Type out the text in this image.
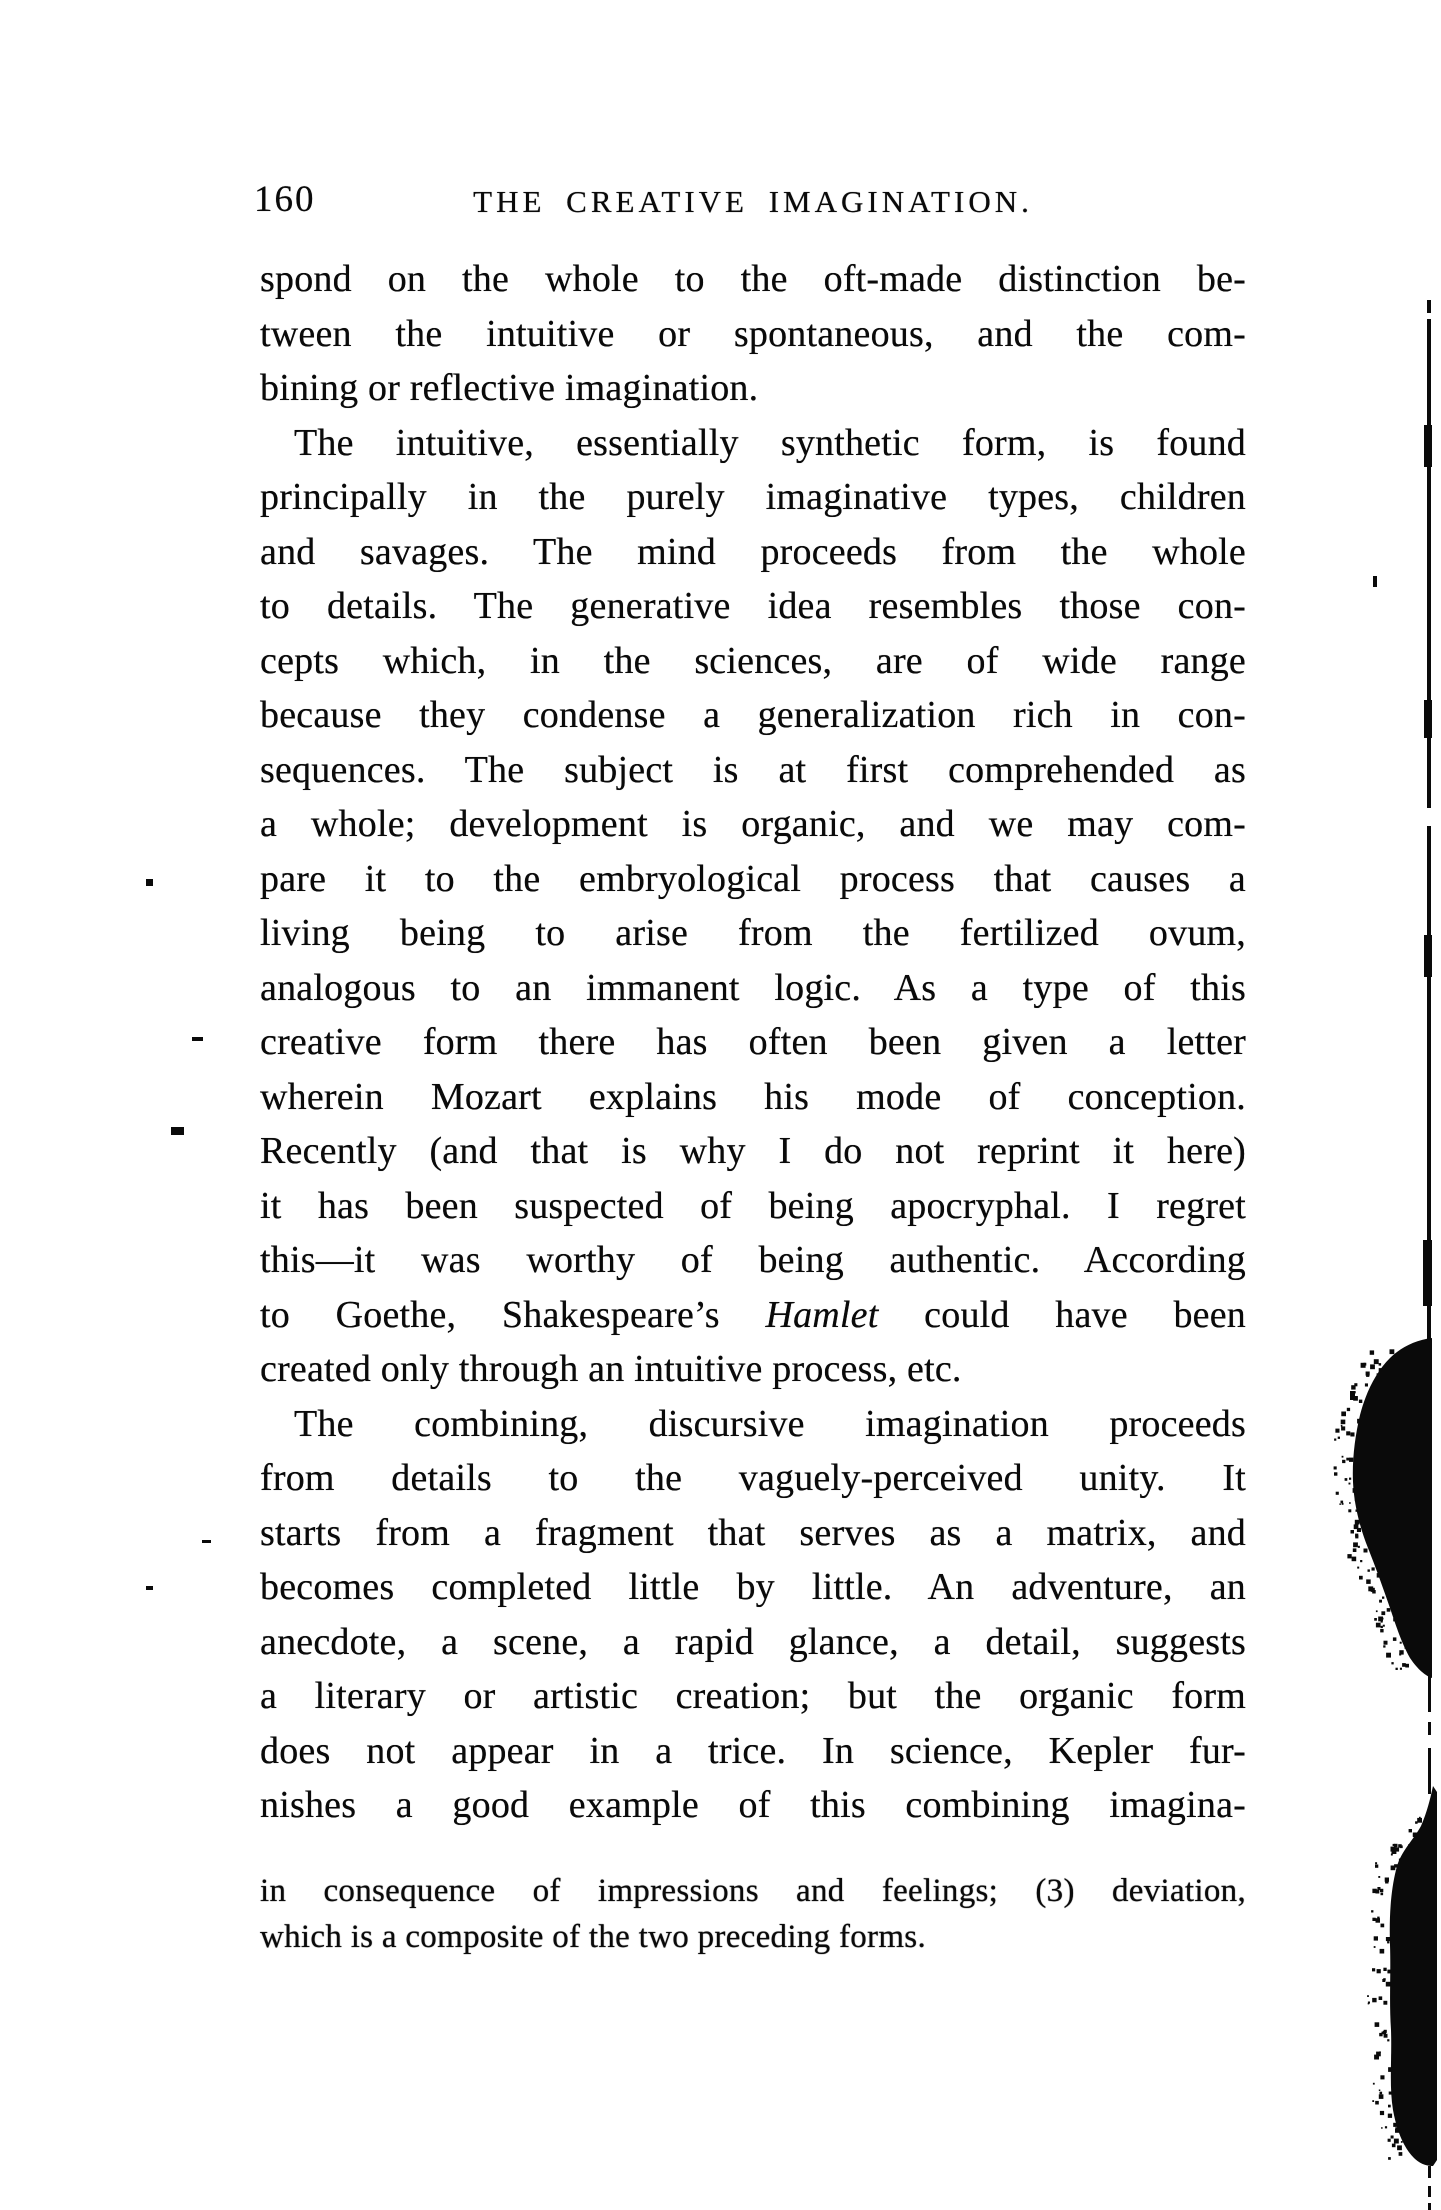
160	THE CREATIVE IMAGINATION.
spond on the whole to the oft-made distinction be-
tween the intuitive or spontaneous, and the com-
bining or reflective imagination.
The intuitive, essentially synthetic form, is found
principally in the purely imaginative types, children
and savages. The mind proceeds from the whole
to details. The generative idea resembles those con-
cepts which, in the sciences, are of wide range
because they condense a generalization rich in con-
sequences. The subject is at first comprehended as
a whole; development is organic, and we may com-
pare it to the embryological process that causes a
living being to arise from the fertilized ovum,
analogous to an immanent logic. As a type of this
creative form there has often been given a letter
wherein Mozart explains his mode of conception.
Recently (and that is why I do not reprint it here)
it has been suspected of being apocryphal. I regret
this—it was worthy of being authentic. According
to Goethe, Shakespeare’s Hamlet could have been
created only through an intuitive process, etc.
The combining, discursive imagination proceeds
from details to the vaguely-perceived unity. It
starts from a fragment that serves as a matrix, and
becomes completed little by little. An adventure, an
anecdote, a scene, a rapid glance, a detail, suggests
a literary or artistic creation; but the organic form
does not appear in a trice. In science, Kepler fur-
nishes a good example of this combining imagina-
in consequence of impressions and feelings; (3) deviation,
which is a composite of the two preceding forms.
